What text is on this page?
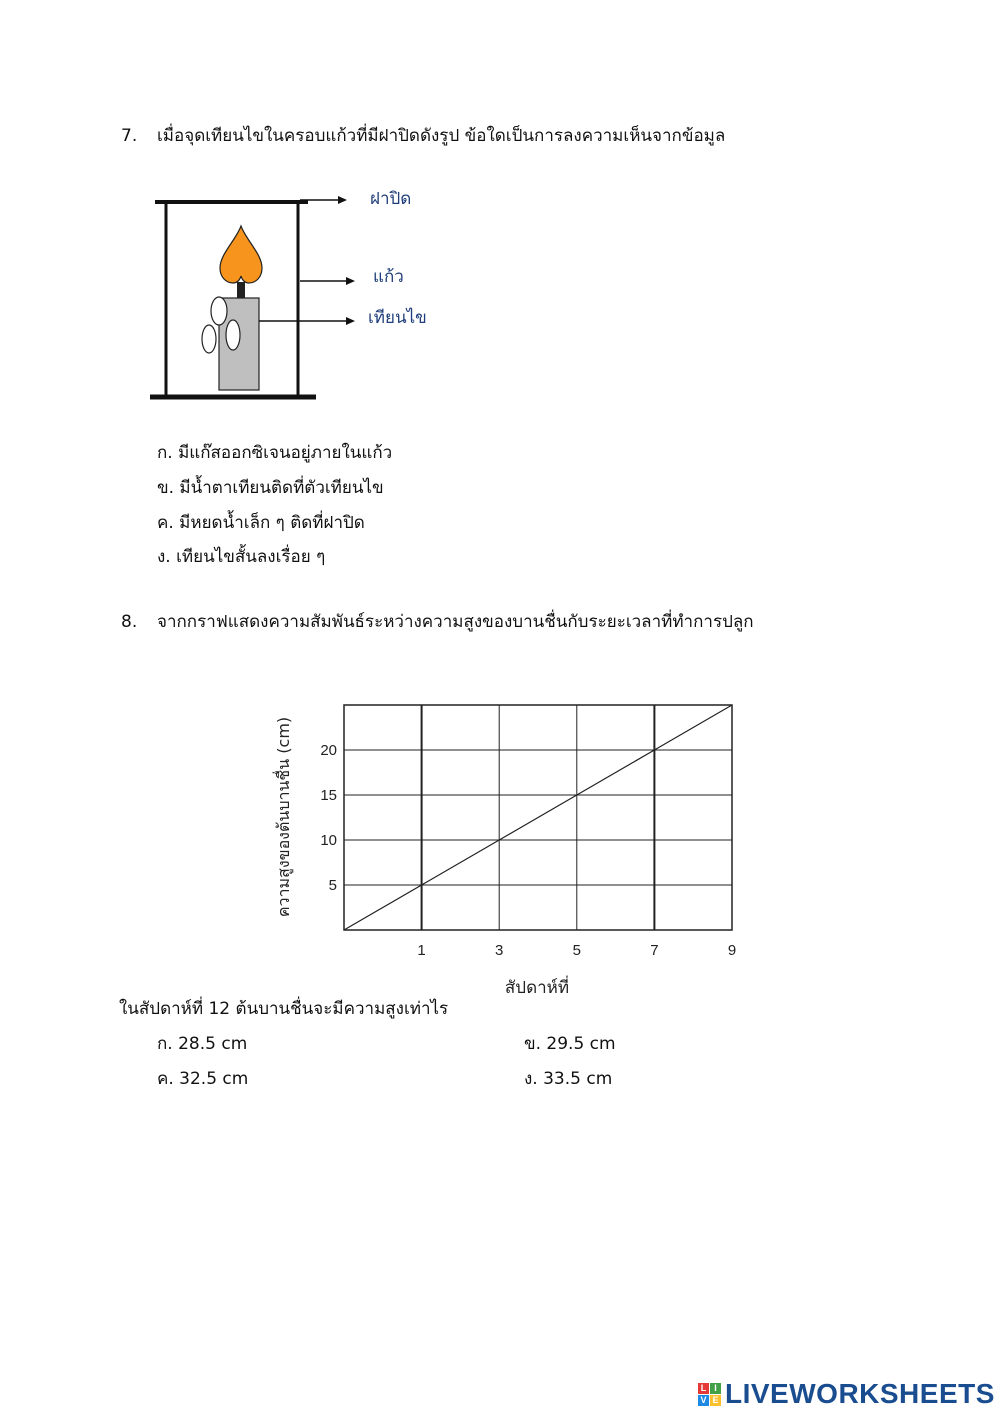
7. เมื่อจุดเทียนไขในครอบแก้วที่มีฝาปิดดังรูป ข้อใดเป็นการลงความเห็นจากข้อมูล
ฝาปิด
แก้ว
เทียนไข
ก. มีแก๊สออกซิเจนอยู่ภายในแก้ว
ข. มีน้ำตาเทียนติดที่ตัวเทียนไข
ค. มีหยดน้ำเล็ก ๆ ติดที่ฝาปิด
ง. เทียนไขสั้นลงเรื่อย ๆ
8. จากกราฟแสดงความสัมพันธ์ระหว่างความสูงของบานชื่นกับระยะเวลาที่ทำการปลูก
1	3	5	7	9
5
10
15
20
สัปดาห์ที่
ความสูงของต้นบานชื่น (cm)
ในสัปดาห์ที่ 12 ต้นบานชื่นจะมีความสูงเท่าไร
ก. 28.5 cm	ข. 29.5 cm
ค. 32.5 cm	ง. 33.5 cm
L I
V E LIVEWORKSHEETS
